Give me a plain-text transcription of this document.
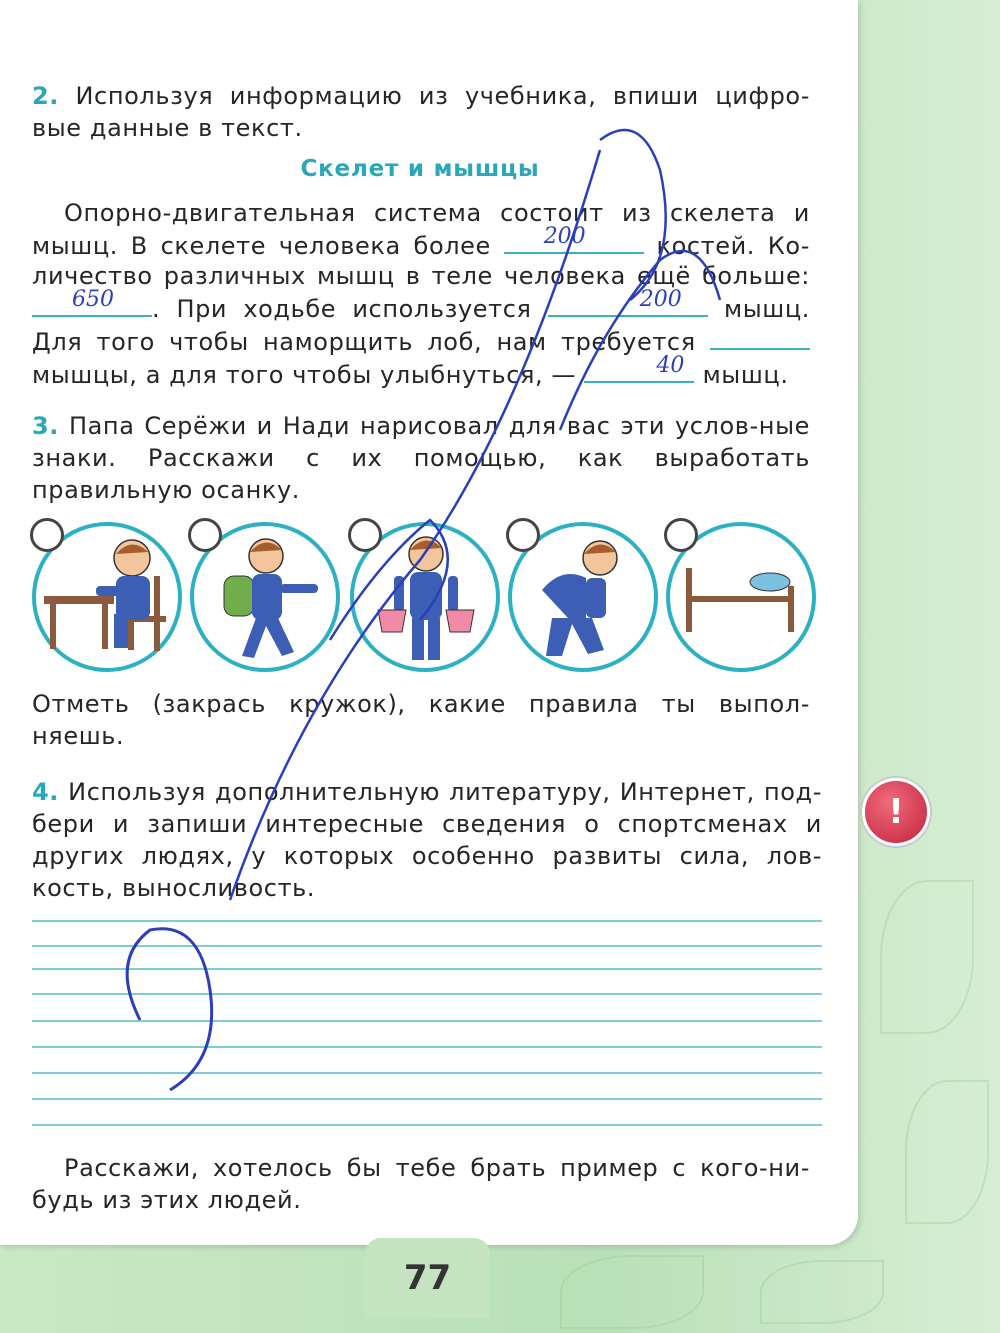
2. Используя информацию из учебника, впиши цифро-вые данные в текст.
Скелет и мышцы
Опорно-двигательная система состоит из скелета и мышц. В скелете человека более	200	костей. Ко-личество различных мышц в теле человека ещё больше:
650 . При ходьбе используется	200 мышц. Для того чтобы наморщить лоб, нам требуется
мышцы, а для того чтобы улыбнуться, —	40 мышц.
3. Папа Серёжи и Нади нарисовал для вас эти услов-ные знаки. Расскажи с их помощью, как выработать правильную осанку.
Отметь (закрась кружок), какие правила ты выпол-няешь.
4. Используя дополнительную литературу, Интернет, под-бери и запиши интересные сведения о спортсменах и других людях, у которых особенно развиты сила, лов-кость, выносливость.
!
Расскажи, хотелось бы тебе брать пример с кого-ни-будь из этих людей.
77
